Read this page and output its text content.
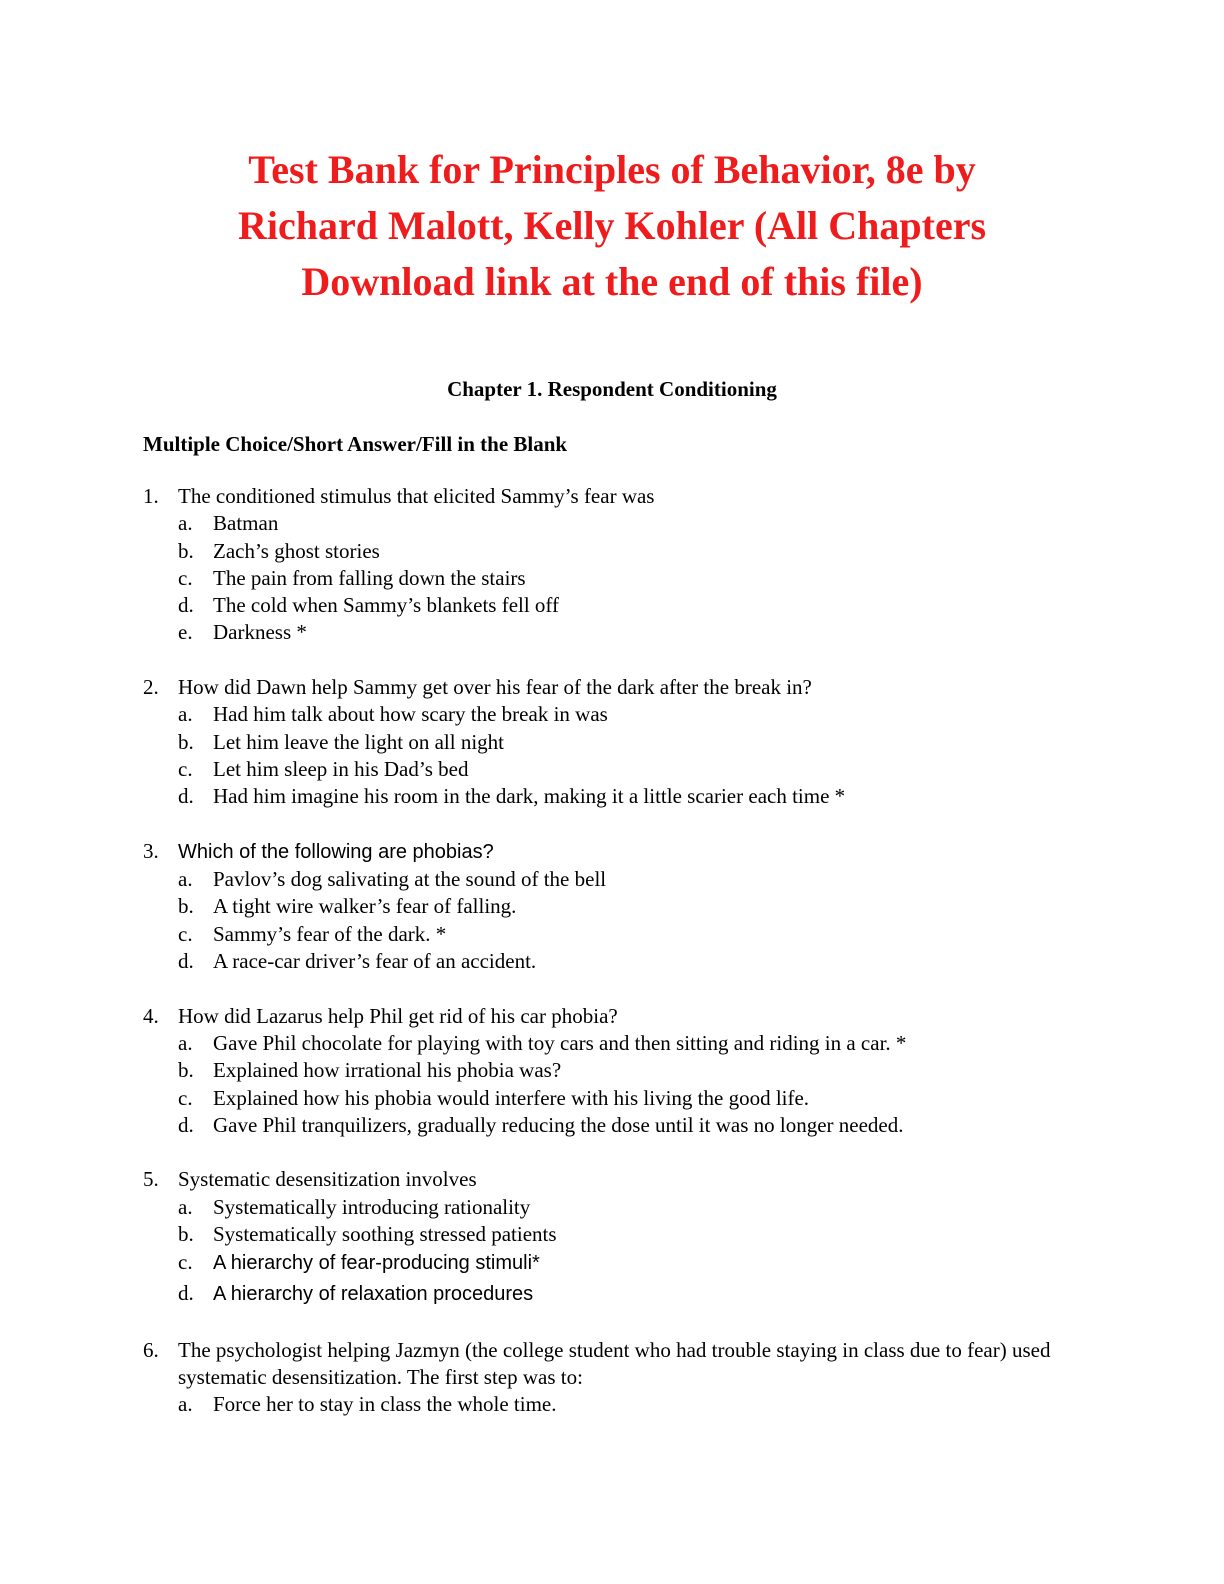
Test Bank for Principles of Behavior, 8e by
Richard Malott, Kelly Kohler (All Chapters
Download link at the end of this file)
Chapter 1. Respondent Conditioning
Multiple Choice/Short Answer/Fill in the Blank
1. The conditioned stimulus that elicited Sammy’s fear was
a. Batman
b. Zach’s ghost stories
c. The pain from falling down the stairs
d. The cold when Sammy’s blankets fell off
e. Darkness *
2. How did Dawn help Sammy get over his fear of the dark after the break in?
a. Had him talk about how scary the break in was
b. Let him leave the light on all night
c. Let him sleep in his Dad’s bed
d. Had him imagine his room in the dark, making it a little scarier each time *
3. Which of the following are phobias?
a. Pavlov’s dog salivating at the sound of the bell
b. A tight wire walker’s fear of falling.
c. Sammy’s fear of the dark. *
d. A race-car driver’s fear of an accident.
4. How did Lazarus help Phil get rid of his car phobia?
a. Gave Phil chocolate for playing with toy cars and then sitting and riding in a car. *
b. Explained how irrational his phobia was?
c. Explained how his phobia would interfere with his living the good life.
d. Gave Phil tranquilizers, gradually reducing the dose until it was no longer needed.
5. Systematic desensitization involves
a. Systematically introducing rationality
b. Systematically soothing stressed patients
c. A hierarchy of fear-producing stimuli*
d. A hierarchy of relaxation procedures
6. The psychologist helping Jazmyn (the college student who had trouble staying in class due to fear) used systematic desensitization. The first step was to:
a. Force her to stay in class the whole time.
